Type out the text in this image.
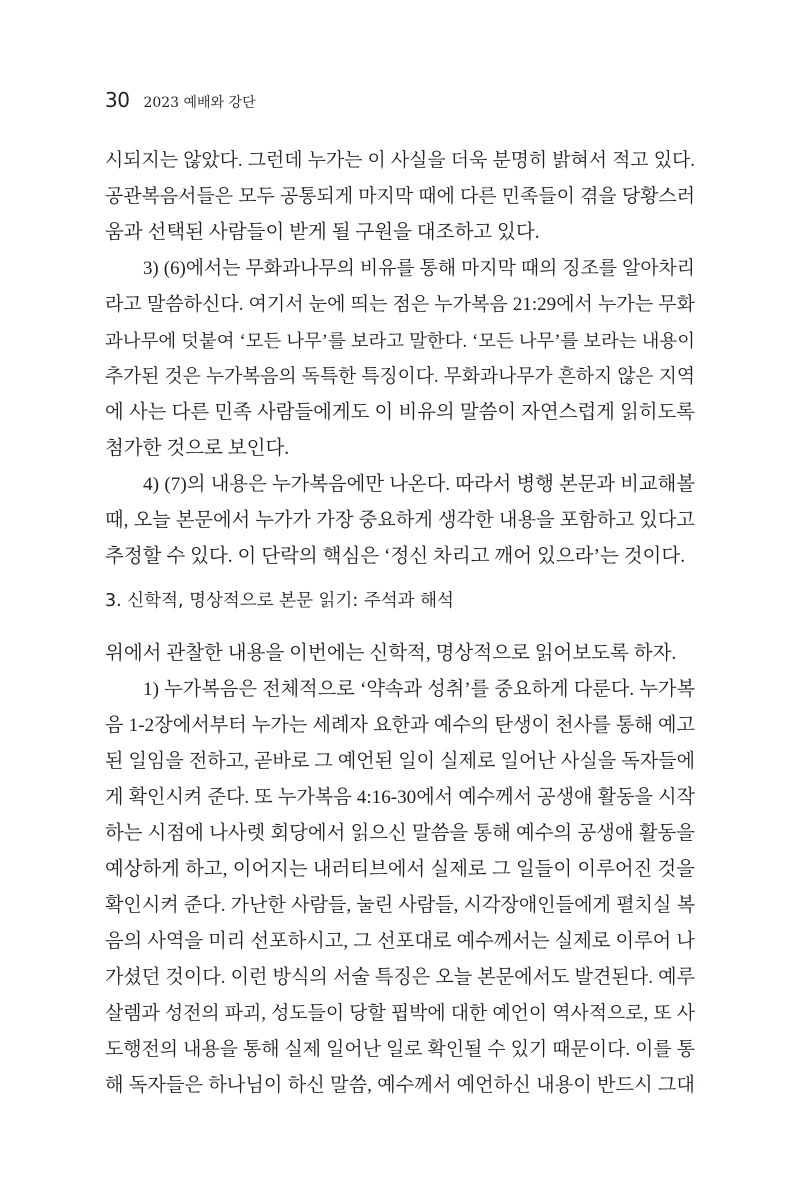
30 2023 예배와 강단
시되지는 않았다. 그런데 누가는 이 사실을 더욱 분명히 밝혀서 적고 있다.
공관복음서들은 모두 공통되게 마지막 때에 다른 민족들이 겪을 당황스러
움과 선택된 사람들이 받게 될 구원을 대조하고 있다.
3) (6)에서는 무화과나무의 비유를 통해 마지막 때의 징조를 알아차리
라고 말씀하신다. 여기서 눈에 띄는 점은 누가복음 21:29에서 누가는 무화
과나무에 덧붙여 ‘모든 나무’를 보라고 말한다. ‘모든 나무’를 보라는 내용이
추가된 것은 누가복음의 독특한 특징이다. 무화과나무가 흔하지 않은 지역
에 사는 다른 민족 사람들에게도 이 비유의 말씀이 자연스럽게 읽히도록
첨가한 것으로 보인다.
4) (7)의 내용은 누가복음에만 나온다. 따라서 병행 본문과 비교해볼
때, 오늘 본문에서 누가가 가장 중요하게 생각한 내용을 포함하고 있다고
추정할 수 있다. 이 단락의 핵심은 ‘정신 차리고 깨어 있으라’는 것이다.
3. 신학적, 명상적으로 본문 읽기: 주석과 해석
위에서 관찰한 내용을 이번에는 신학적, 명상적으로 읽어보도록 하자.
1) 누가복음은 전체적으로 ‘약속과 성취’를 중요하게 다룬다. 누가복
음 1-2장에서부터 누가는 세례자 요한과 예수의 탄생이 천사를 통해 예고
된 일임을 전하고, 곧바로 그 예언된 일이 실제로 일어난 사실을 독자들에
게 확인시켜 준다. 또 누가복음 4:16-30에서 예수께서 공생애 활동을 시작
하는 시점에 나사렛 회당에서 읽으신 말씀을 통해 예수의 공생애 활동을
예상하게 하고, 이어지는 내러티브에서 실제로 그 일들이 이루어진 것을
확인시켜 준다. 가난한 사람들, 눌린 사람들, 시각장애인들에게 펼치실 복
음의 사역을 미리 선포하시고, 그 선포대로 예수께서는 실제로 이루어 나
가셨던 것이다. 이런 방식의 서술 특징은 오늘 본문에서도 발견된다. 예루
살렘과 성전의 파괴, 성도들이 당할 핍박에 대한 예언이 역사적으로, 또 사
도행전의 내용을 통해 실제 일어난 일로 확인될 수 있기 때문이다. 이를 통
해 독자들은 하나님이 하신 말씀, 예수께서 예언하신 내용이 반드시 그대
